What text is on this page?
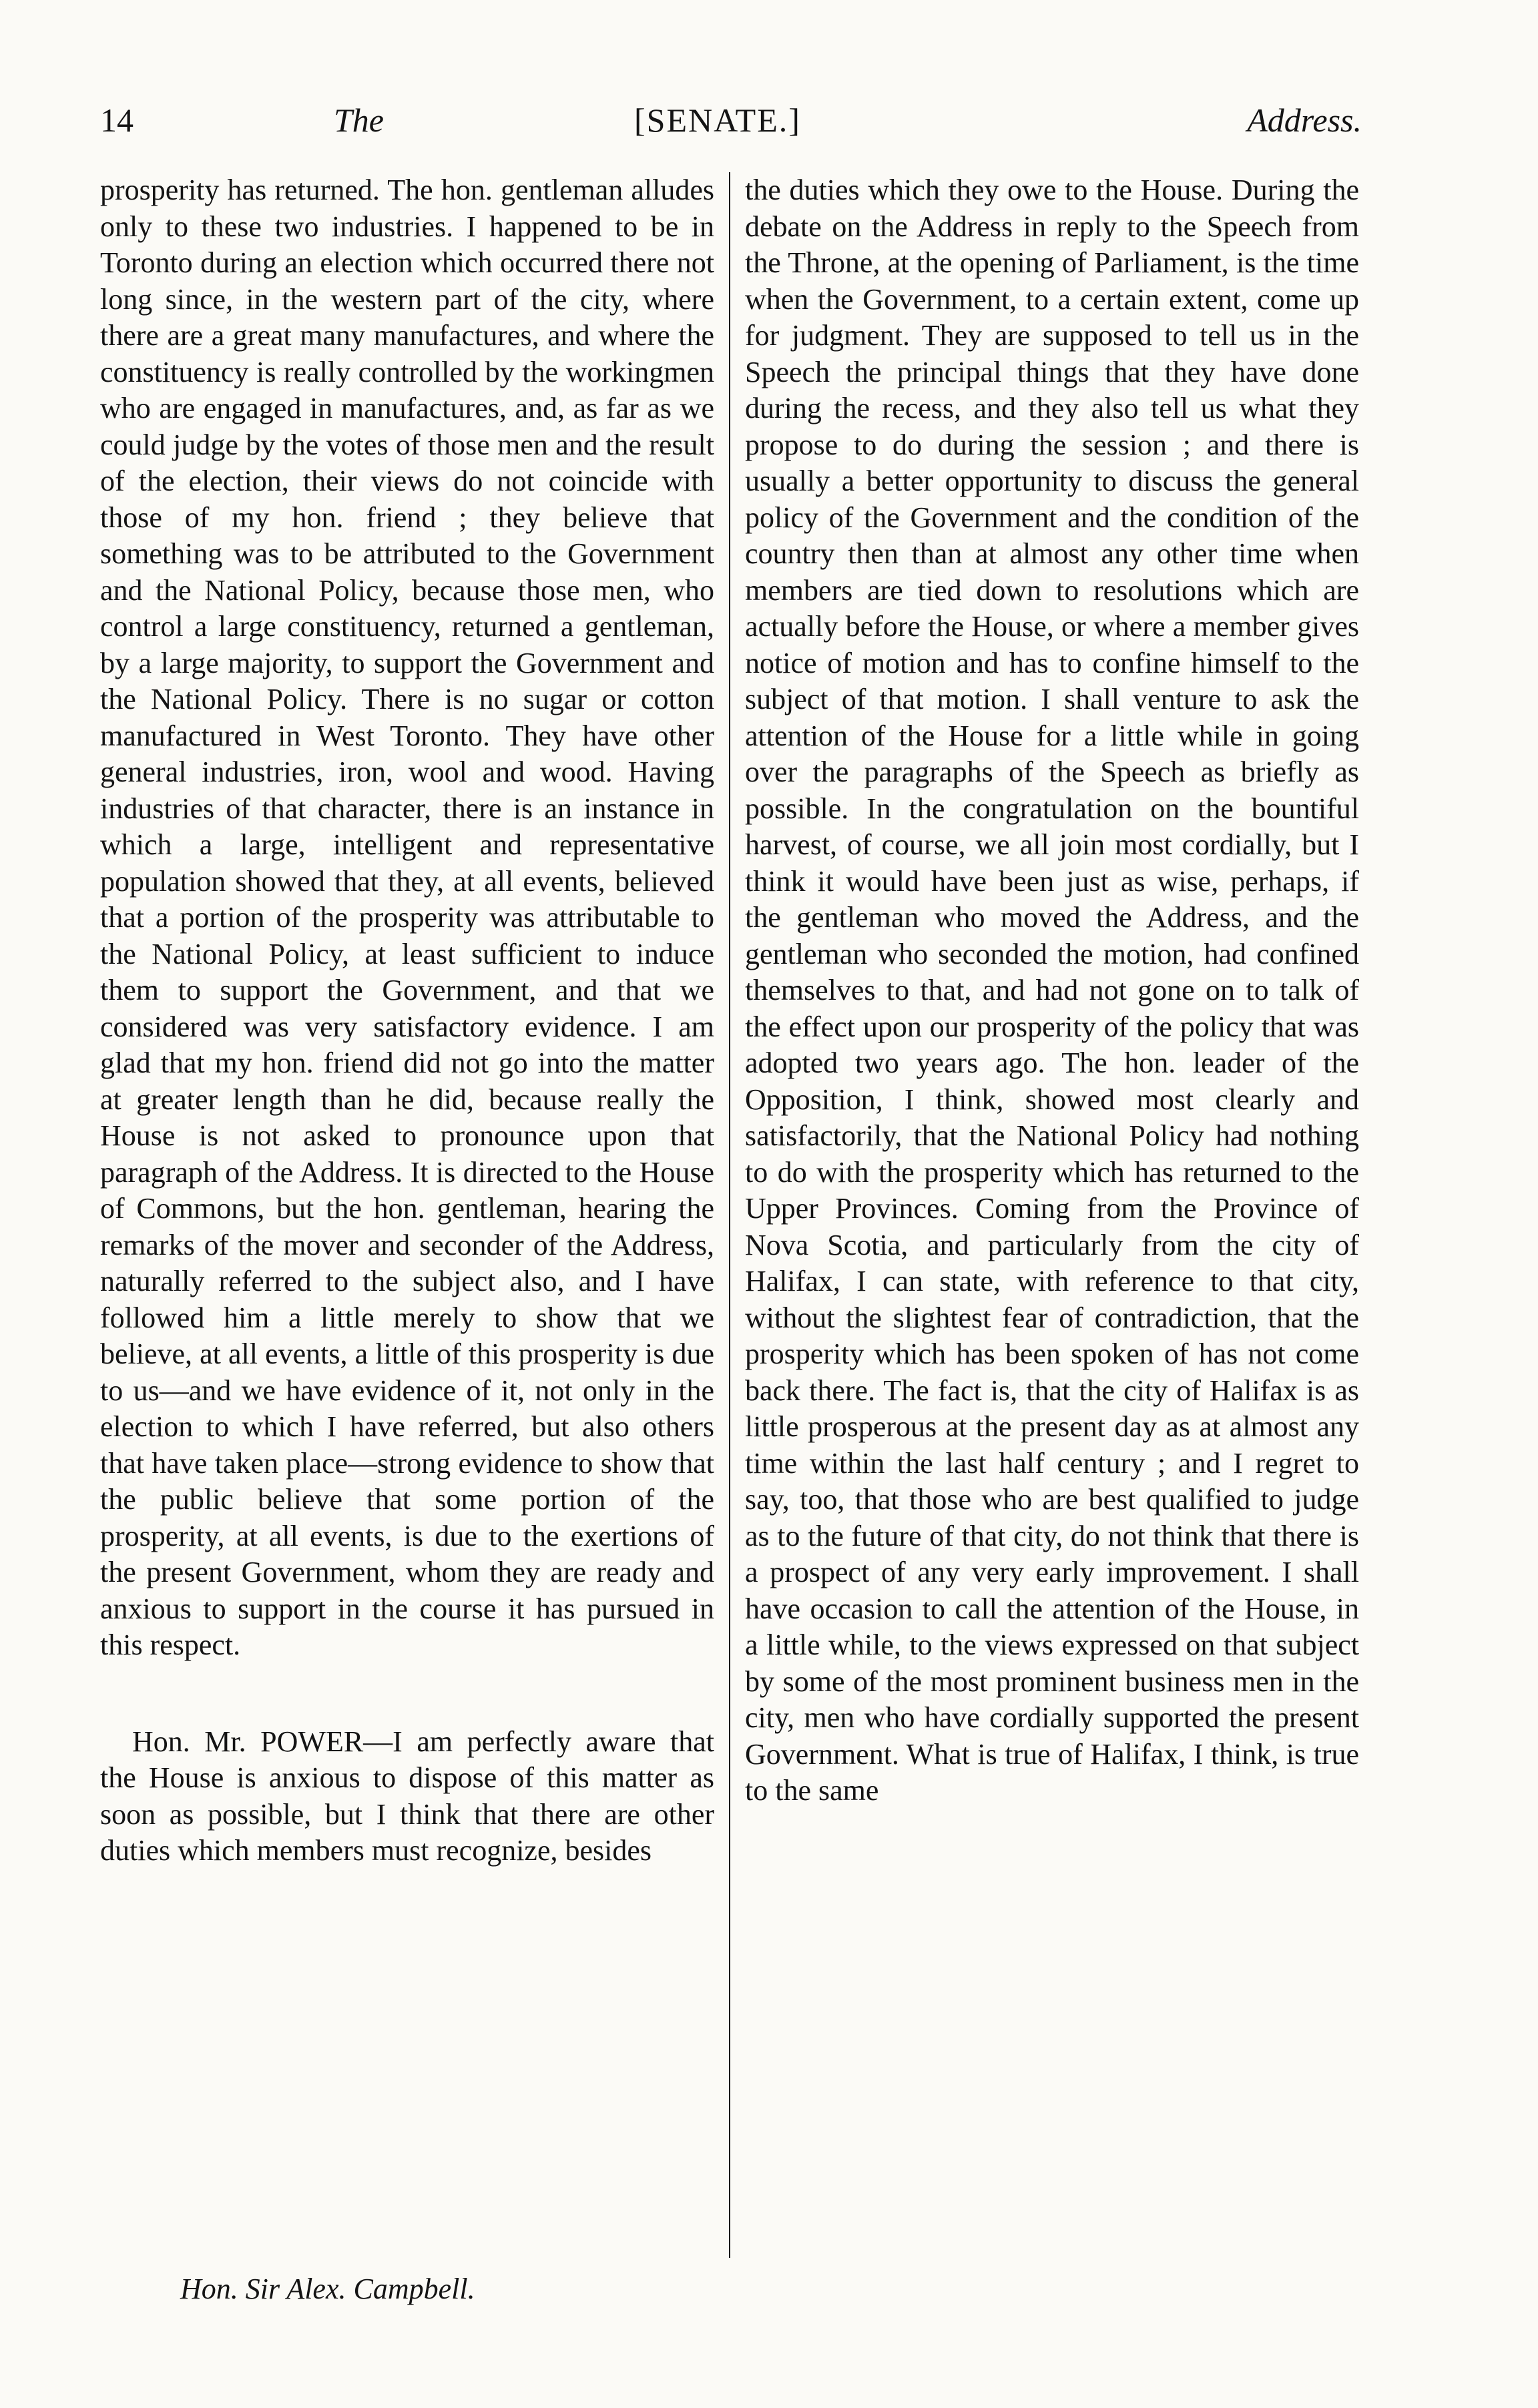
14	The	[SENATE.]	Address.

prosperity has returned. The hon. gentleman alludes only to these two industries. I happened to be in Toronto during an election which occurred there not long since, in the western part of the city, where there are a great many manufactures, and where the constituency is really controlled by the workingmen who are engaged in manufactures, and, as far as we could judge by the votes of those men and the result of the election, their views do not coincide with those of my hon. friend ; they believe that something was to be attributed to the Government and the National Policy, because those men, who control a large constituency, returned a gentleman, by a large majority, to support the Government and the National Policy. There is no sugar or cotton manufactured in West Toronto. They have other general industries, iron, wool and wood. Having industries of that character, there is an instance in which a large, intelligent and representative population showed that they, at all events, believed that a portion of the prosperity was attributable to the National Policy, at least sufficient to induce them to support the Government, and that we considered was very satisfactory evidence. I am glad that my hon. friend did not go into the matter at greater length than he did, because really the House is not asked to pronounce upon that paragraph of the Address. It is directed to the House of Commons, but the hon. gentleman, hearing the remarks of the mover and seconder of the Address, naturally referred to the subject also, and I have followed him a little merely to show that we believe, at all events, a little of this prosperity is due to us—and we have evidence of it, not only in the election to which I have referred, but also others that have taken place—strong evidence to show that the public believe that some portion of the prosperity, at all events, is due to the exertions of the present Government, whom they are ready and anxious to support in the course it has pursued in this respect.

Hon. Mr. POWER—I am perfectly aware that the House is anxious to dispose of this matter as soon as possible, but I think that there are other duties which members must recognize, besides

the duties which they owe to the House. During the debate on the Address in reply to the Speech from the Throne, at the opening of Parliament, is the time when the Government, to a certain extent, come up for judgment. They are supposed to tell us in the Speech the principal things that they have done during the recess, and they also tell us what they propose to do during the session ; and there is usually a better opportunity to discuss the general policy of the Government and the condition of the country then than at almost any other time when members are tied down to resolutions which are actually before the House, or where a member gives notice of motion and has to confine himself to the subject of that motion. I shall venture to ask the attention of the House for a little while in going over the paragraphs of the Speech as briefly as possible. In the congratulation on the bountiful harvest, of course, we all join most cordially, but I think it would have been just as wise, perhaps, if the gentleman who moved the Address, and the gentleman who seconded the motion, had confined themselves to that, and had not gone on to talk of the effect upon our prosperity of the policy that was adopted two years ago. The hon. leader of the Opposition, I think, showed most clearly and satisfactorily, that the National Policy had nothing to do with the prosperity which has returned to the Upper Provinces. Coming from the Province of Nova Scotia, and particularly from the city of Halifax, I can state, with reference to that city, without the slightest fear of contradiction, that the prosperity which has been spoken of has not come back there. The fact is, that the city of Halifax is as little prosperous at the present day as at almost any time within the last half century ; and I regret to say, too, that those who are best qualified to judge as to the future of that city, do not think that there is a prospect of any very early improvement. I shall have occasion to call the attention of the House, in a little while, to the views expressed on that subject by some of the most prominent business men in the city, men who have cordially supported the present Government. What is true of Halifax, I think, is true to the same

Hon. Sir Alex. Campbell.
